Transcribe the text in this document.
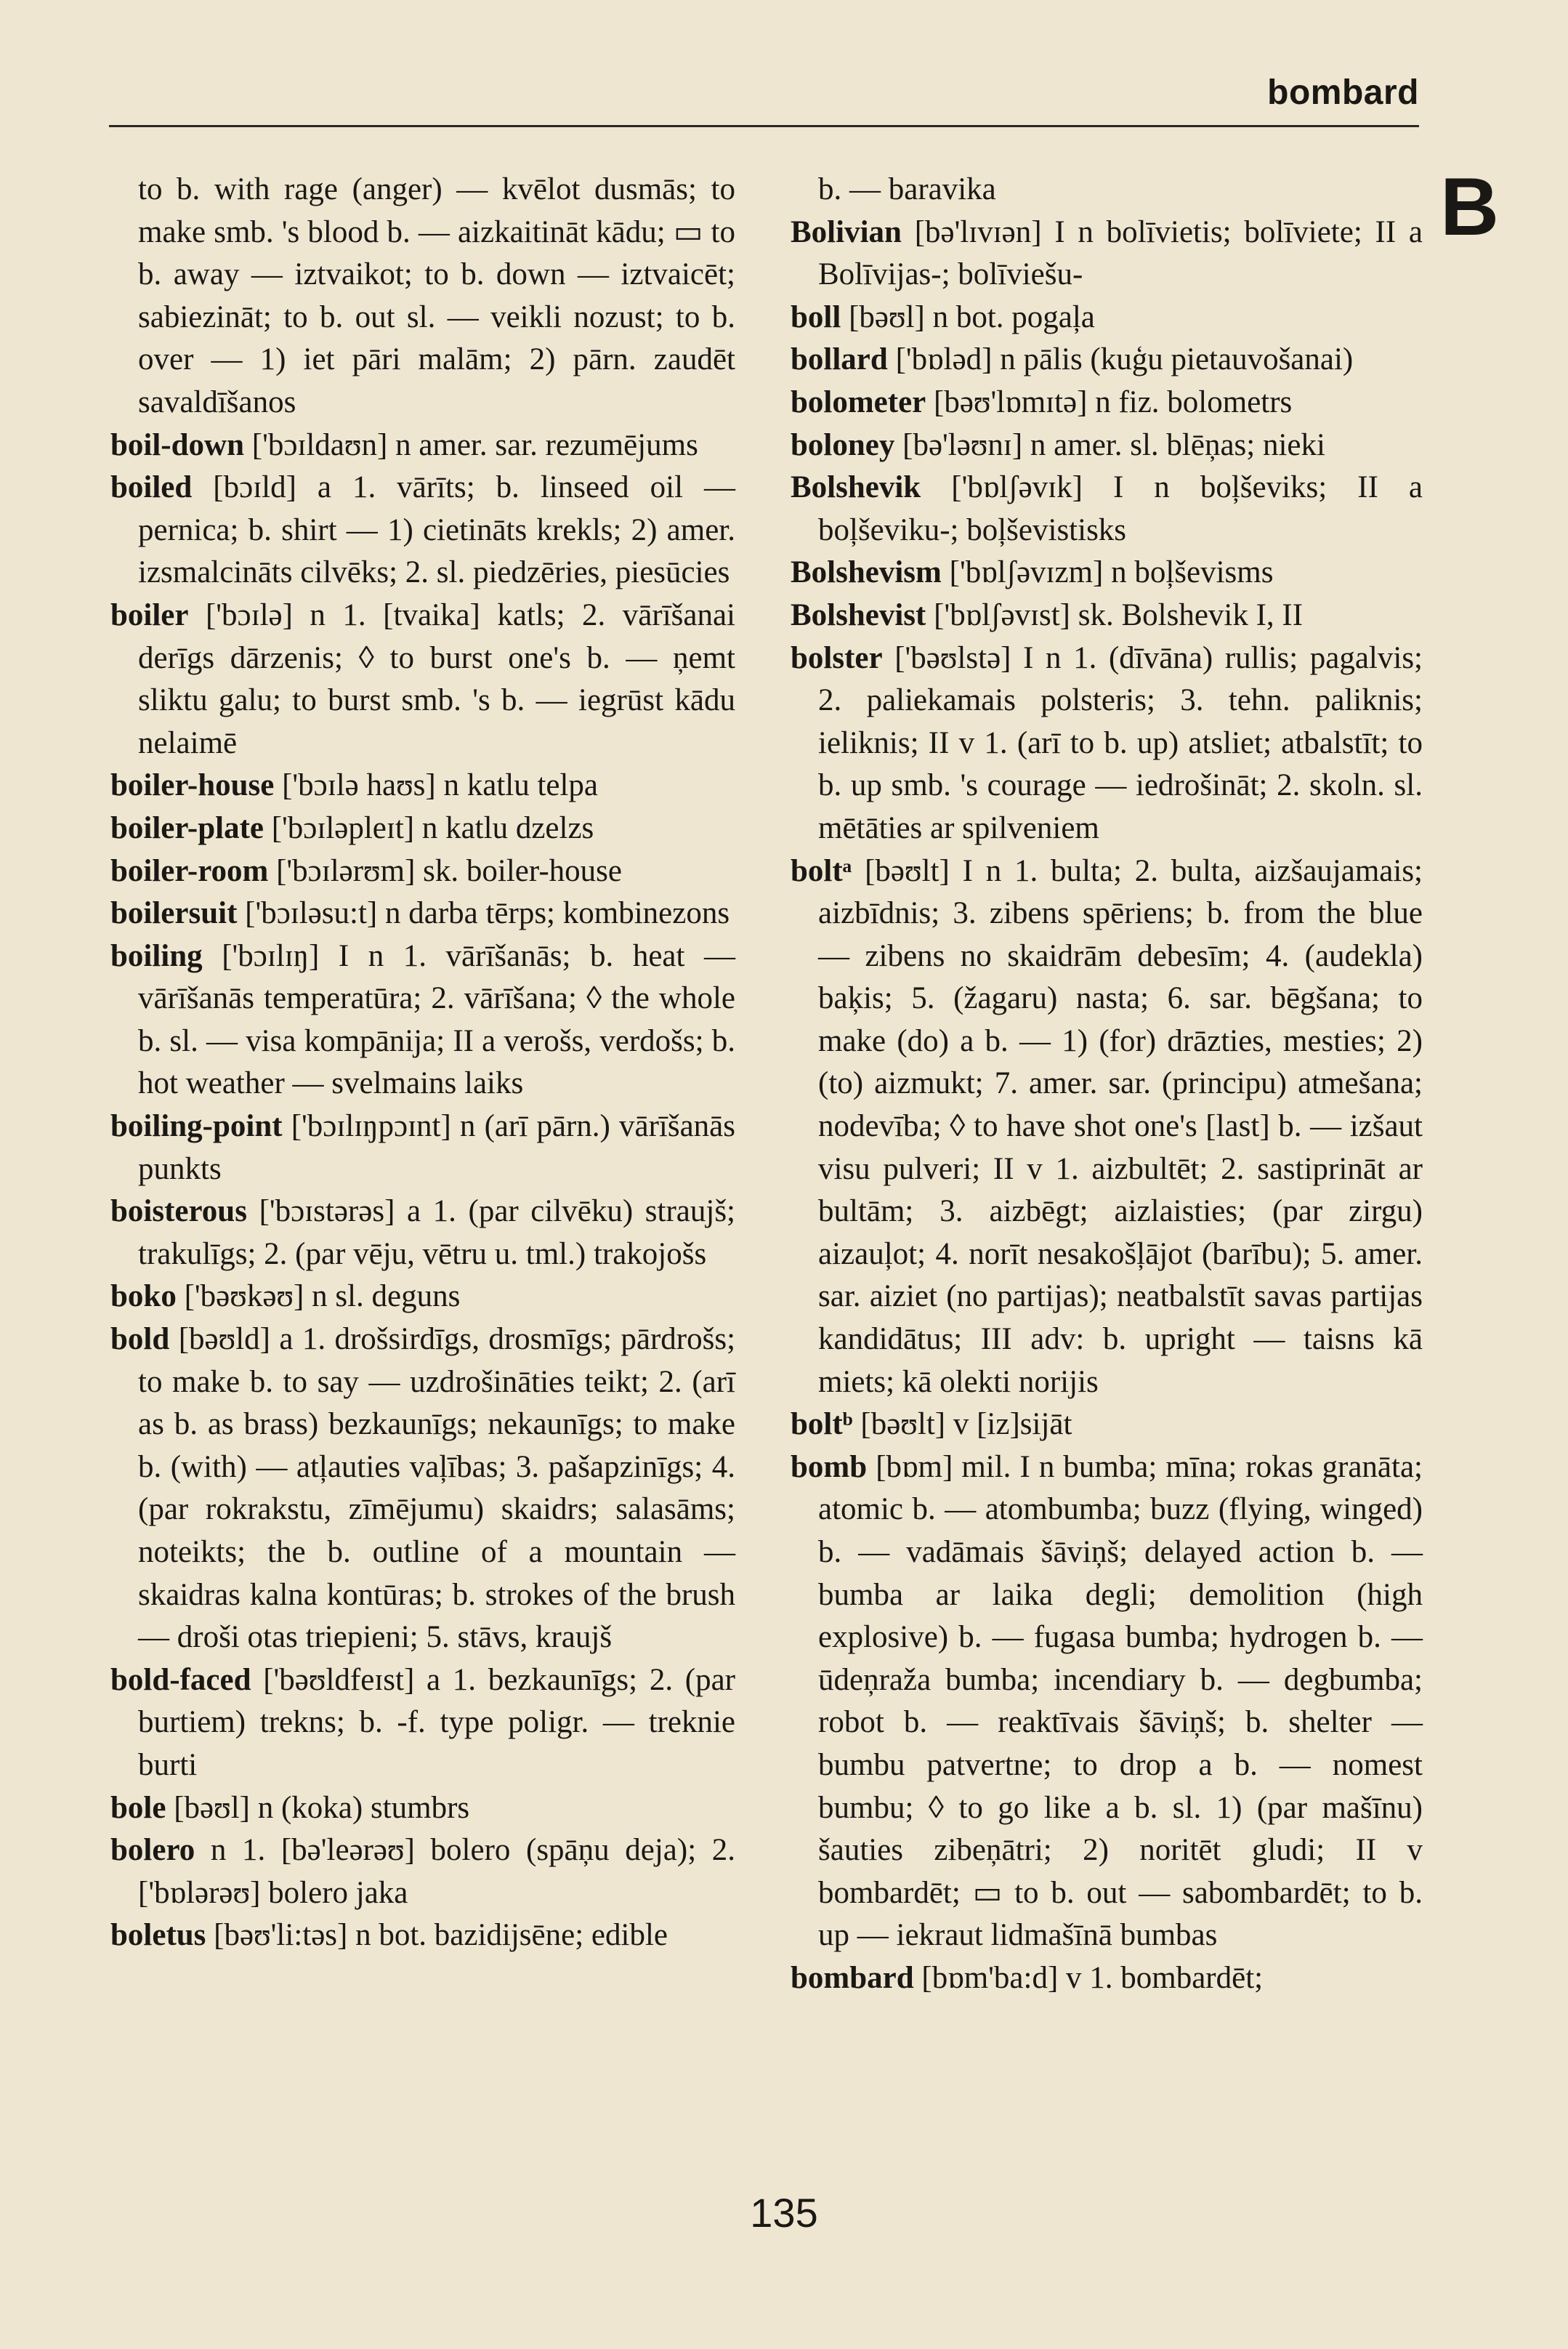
bombard
B
to b. with rage (anger) — kvēlot dusmās; to make smb. 's blood b. — aizkaitināt kādu; ▭ to b. away — iztvaikot; to b. down — iztvaicēt; sabiezināt; to b. out sl. — veikli nozust; to b. over — 1) iet pāri malām; 2) pārn. zaudēt savaldīšanos
boil-down ['bɔɪldaʊn] n amer. sar. rezumējums
boiled [bɔɪld] a 1. vārīts; b. linseed oil — pernica; b. shirt — 1) cietināts krekls; 2) amer. izsmalcināts cilvēks; 2. sl. piedzēries, piesūcies
boiler ['bɔɪlə] n 1. [tvaika] katls; 2. vārīšanai derīgs dārzenis; ◊ to burst one's b. — ņemt sliktu galu; to burst smb. 's b. — iegrūst kādu nelaimē
boiler-house ['bɔɪlə haʊs] n katlu telpa
boiler-plate ['bɔɪləpleɪt] n katlu dzelzs
boiler-room ['bɔɪlərʊm] sk. boiler-house
boilersuit ['bɔɪləsu:t] n darba tērps; kombinezons
boiling ['bɔɪlɪŋ] I n 1. vārīšanās; b. heat — vārīšanās temperatūra; 2. vārīšana; ◊ the whole b. sl. — visa kompānija; II a verošs, verdošs; b. hot weather — svelmains laiks
boiling-point ['bɔɪlɪŋpɔɪnt] n (arī pārn.) vārīšanās punkts
boisterous ['bɔɪstərəs] a 1. (par cilvēku) straujš; trakulīgs; 2. (par vēju, vētru u. tml.) trakojošs
boko ['bəʊkəʊ] n sl. deguns
bold [bəʊld] a 1. drošsirdīgs, drosmīgs; pārdrošs; to make b. to say — uzdrošināties teikt; 2. (arī as b. as brass) bezkaunīgs; nekaunīgs; to make b. (with) — atļauties vaļības; 3. pašapzinīgs; 4. (par rokrakstu, zīmējumu) skaidrs; salasāms; noteikts; the b. outline of a mountain — skaidras kalna kontūras; b. strokes of the brush — droši otas triepieni; 5. stāvs, kraujš
bold-faced ['bəʊldfeɪst] a 1. bezkaunīgs; 2. (par burtiem) trekns; b. -f. type poligr. — treknie burti
bole [bəʊl] n (koka) stumbrs
bolero n 1. [bə'leərəʊ] bolero (spāņu deja); 2. ['bɒlərəʊ] bolero jaka
boletus [bəʊ'li:təs] n bot. bazidijsēne; edible
b. — baravika
Bolivian [bə'lɪvɪən] I n bolīvietis; bolīviete; II a Bolīvijas-; bolīviešu-
boll [bəʊl] n bot. pogaļa
bollard ['bɒləd] n pālis (kuģu pietauvošanai)
bolometer [bəʊ'lɒmɪtə] n fiz. bolometrs
boloney [bə'ləʊnɪ] n amer. sl. blēņas; nieki
Bolshevik ['bɒlʃəvɪk] I n boļševiks; II a boļševiku-; boļševistisks
Bolshevism ['bɒlʃəvɪzm] n boļševisms
Bolshevist ['bɒlʃəvɪst] sk. Bolshevik I, II
bolster ['bəʊlstə] I n 1. (dīvāna) rullis; pagalvis; 2. paliekamais polsteris; 3. tehn. paliknis; ieliknis; II v 1. (arī to b. up) atsliet; atbalstīt; to b. up smb. 's courage — iedrošināt; 2. skoln. sl. mētāties ar spilveniem
boltᵃ [bəʊlt] I n 1. bulta; 2. bulta, aizšaujamais; aizbīdnis; 3. zibens spēriens; b. from the blue — zibens no skaidrām debesīm; 4. (audekla) baķis; 5. (žagaru) nasta; 6. sar. bēgšana; to make (do) a b. — 1) (for) drāzties, mesties; 2) (to) aizmukt; 7. amer. sar. (principu) atmešana; nodevība; ◊ to have shot one's [last] b. — izšaut visu pulveri; II v 1. aizbultēt; 2. sastiprināt ar bultām; 3. aizbēgt; aizlaisties; (par zirgu) aizauļot; 4. norīt nesakošļājot (barību); 5. amer. sar. aiziet (no partijas); neatbalstīt savas partijas kandidātus; III adv: b. upright — taisns kā miets; kā olekti norijis
boltᵇ [bəʊlt] v [iz]sijāt
bomb [bɒm] mil. I n bumba; mīna; rokas granāta; atomic b. — atombumba; buzz (flying, winged) b. — vadāmais šāviņš; delayed action b. — bumba ar laika degli; demolition (high explosive) b. — fugasa bumba; hydrogen b. — ūdeņraža bumba; incendiary b. — degbumba; robot b. — reaktīvais šāviņš; b. shelter — bumbu patvertne; to drop a b. — nomest bumbu; ◊ to go like a b. sl. 1) (par mašīnu) šauties zibeņātri; 2) noritēt gludi; II v bombardēt; ▭ to b. out — sabombardēt; to b. up — iekraut lidmašīnā bumbas
bombard [bɒm'ba:d] v 1. bombardēt;
135
